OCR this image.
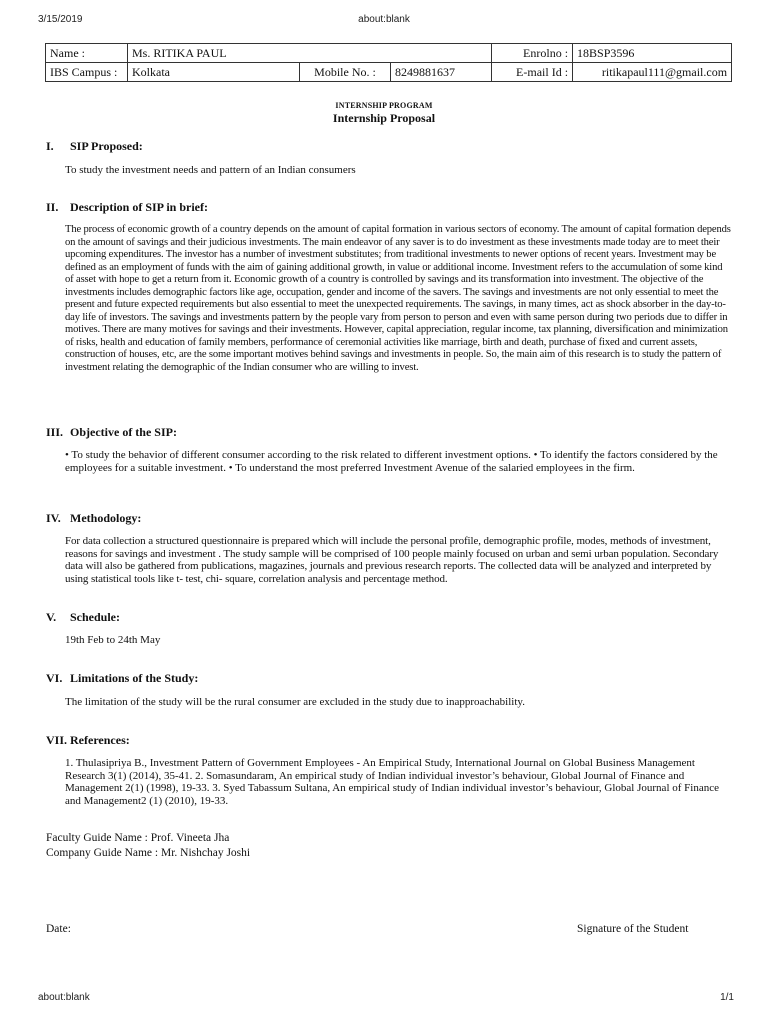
3/15/2019	about:blank
Name :	Ms. RITIKA PAUL			Enrolno :	18BSP3596
IBS Campus :	Kolkata	Mobile No. :	8249881637	E-mail Id :	ritikapaul111@gmail.com
INTERNSHIP PROGRAM
Internship Proposal
I. SIP Proposed:
To study the investment needs and pattern of an Indian consumers
II. Description of SIP in brief:
The process of economic growth of a country depends on the amount of capital formation in various sectors of economy. The amount of capital formation depends on the amount of savings and their judicious investments. The main endeavor of any saver is to do investment as these investments made today are to meet their upcoming expenditures. The investor has a number of investment substitutes; from traditional investments to newer options of recent years. Investment may be defined as an employment of funds with the aim of gaining additional growth, in value or additional income. Investment refers to the accumulation of some kind of asset with hope to get a return from it. Economic growth of a country is controlled by savings and its transformation into investment. The objective of the investments includes demographic factors like age, occupation, gender and income of the savers. The savings and investments are not only essential to meet the present and future expected requirements but also essential to meet the unexpected requirements. The savings, in many times, act as shock absorber in the day-to-day life of investors. The savings and investments pattern by the people vary from person to person and even with same person during two periods due to differ in motives. There are many motives for savings and their investments. However, capital appreciation, regular income, tax planning, diversification and minimization of risks, health and education of family members, performance of ceremonial activities like marriage, birth and death, purchase of fixed and current assets, construction of houses, etc, are the some important motives behind savings and investments in people. So, the main aim of this research is to study the pattern of investment relating the demographic of the Indian consumer who are willing to invest.
III. Objective of the SIP:
• To study the behavior of different consumer according to the risk related to different investment options. • To identify the factors considered by the employees for a suitable investment. • To understand the most preferred Investment Avenue of the salaried employees in the firm.
IV. Methodology:
For data collection a structured questionnaire is prepared which will include the personal profile, demographic profile, modes, methods of investment, reasons for savings and investment . The study sample will be comprised of 100 people mainly focused on urban and semi urban population. Secondary data will also be gathered from publications, magazines, journals and previous research reports. The collected data will be analyzed and interpreted by using statistical tools like t- test, chi- square, correlation analysis and percentage method.
V. Schedule:
19th Feb to 24th May
VI. Limitations of the Study:
The limitation of the study will be the rural consumer are excluded in the study due to inapproachability.
VII. References:
1. Thulasipriya B., Investment Pattern of Government Employees - An Empirical Study, International Journal on Global Business Management Research 3(1) (2014), 35-41. 2. Somasundaram, An empirical study of Indian individual investor’s behaviour, Global Journal of Finance and Management 2(1) (1998), 19-33. 3. Syed Tabassum Sultana, An empirical study of Indian individual investor’s behaviour, Global Journal of Finance and Management2 (1) (2010), 19-33.
Faculty Guide Name : Prof. Vineeta Jha
Company Guide Name : Mr. Nishchay Joshi
Date:	Signature of the Student
about:blank	1/1
